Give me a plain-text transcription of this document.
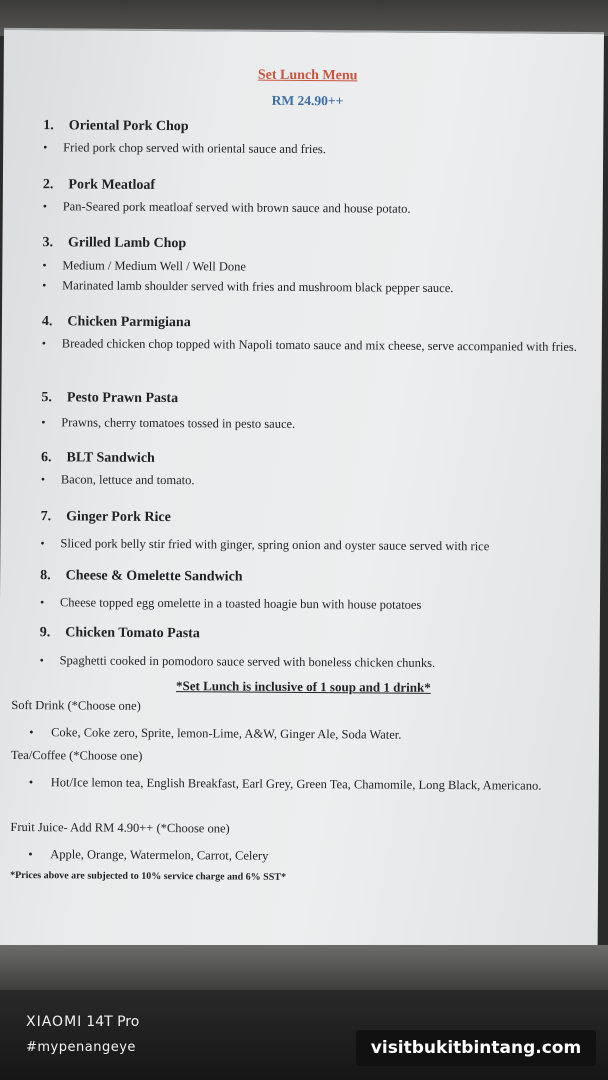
Set Lunch Menu
RM 24.90++
1. Oriental Pork Chop
•	Fried pork chop served with oriental sauce and fries.
2. Pork Meatloaf
•	Pan-Seared pork meatloaf served with brown sauce and house potato.
3. Grilled Lamb Chop
•	Medium / Medium Well / Well Done
•	Marinated lamb shoulder served with fries and mushroom black pepper sauce.
4. Chicken Parmigiana
•	Breaded chicken chop topped with Napoli tomato sauce and mix cheese, serve accompanied with fries.
5. Pesto Prawn Pasta
•	Prawns, cherry tomatoes tossed in pesto sauce.
6. BLT Sandwich
•	Bacon, lettuce and tomato.
7. Ginger Pork Rice
•	Sliced pork belly stir fried with ginger, spring onion and oyster sauce served with rice
8. Cheese & Omelette Sandwich
•	Cheese topped egg omelette in a toasted hoagie bun with house potatoes
9. Chicken Tomato Pasta
•	Spaghetti cooked in pomodoro sauce served with boneless chicken chunks.
*Set Lunch is inclusive of 1 soup and 1 drink*
Soft Drink (*Choose one)
•	Coke, Coke zero, Sprite, lemon-Lime, A&W, Ginger Ale, Soda Water.
Tea/Coffee (*Choose one)
•	Hot/Ice lemon tea, English Breakfast, Earl Grey, Green Tea, Chamomile, Long Black, Americano.
Fruit Juice- Add RM 4.90++ (*Choose one)
•	Apple, Orange, Watermelon, Carrot, Celery
*Prices above are subjected to 10% service charge and 6% SST*
XIAOMI 14T Pro
#mypenangeye	visitbukitbintang.com
